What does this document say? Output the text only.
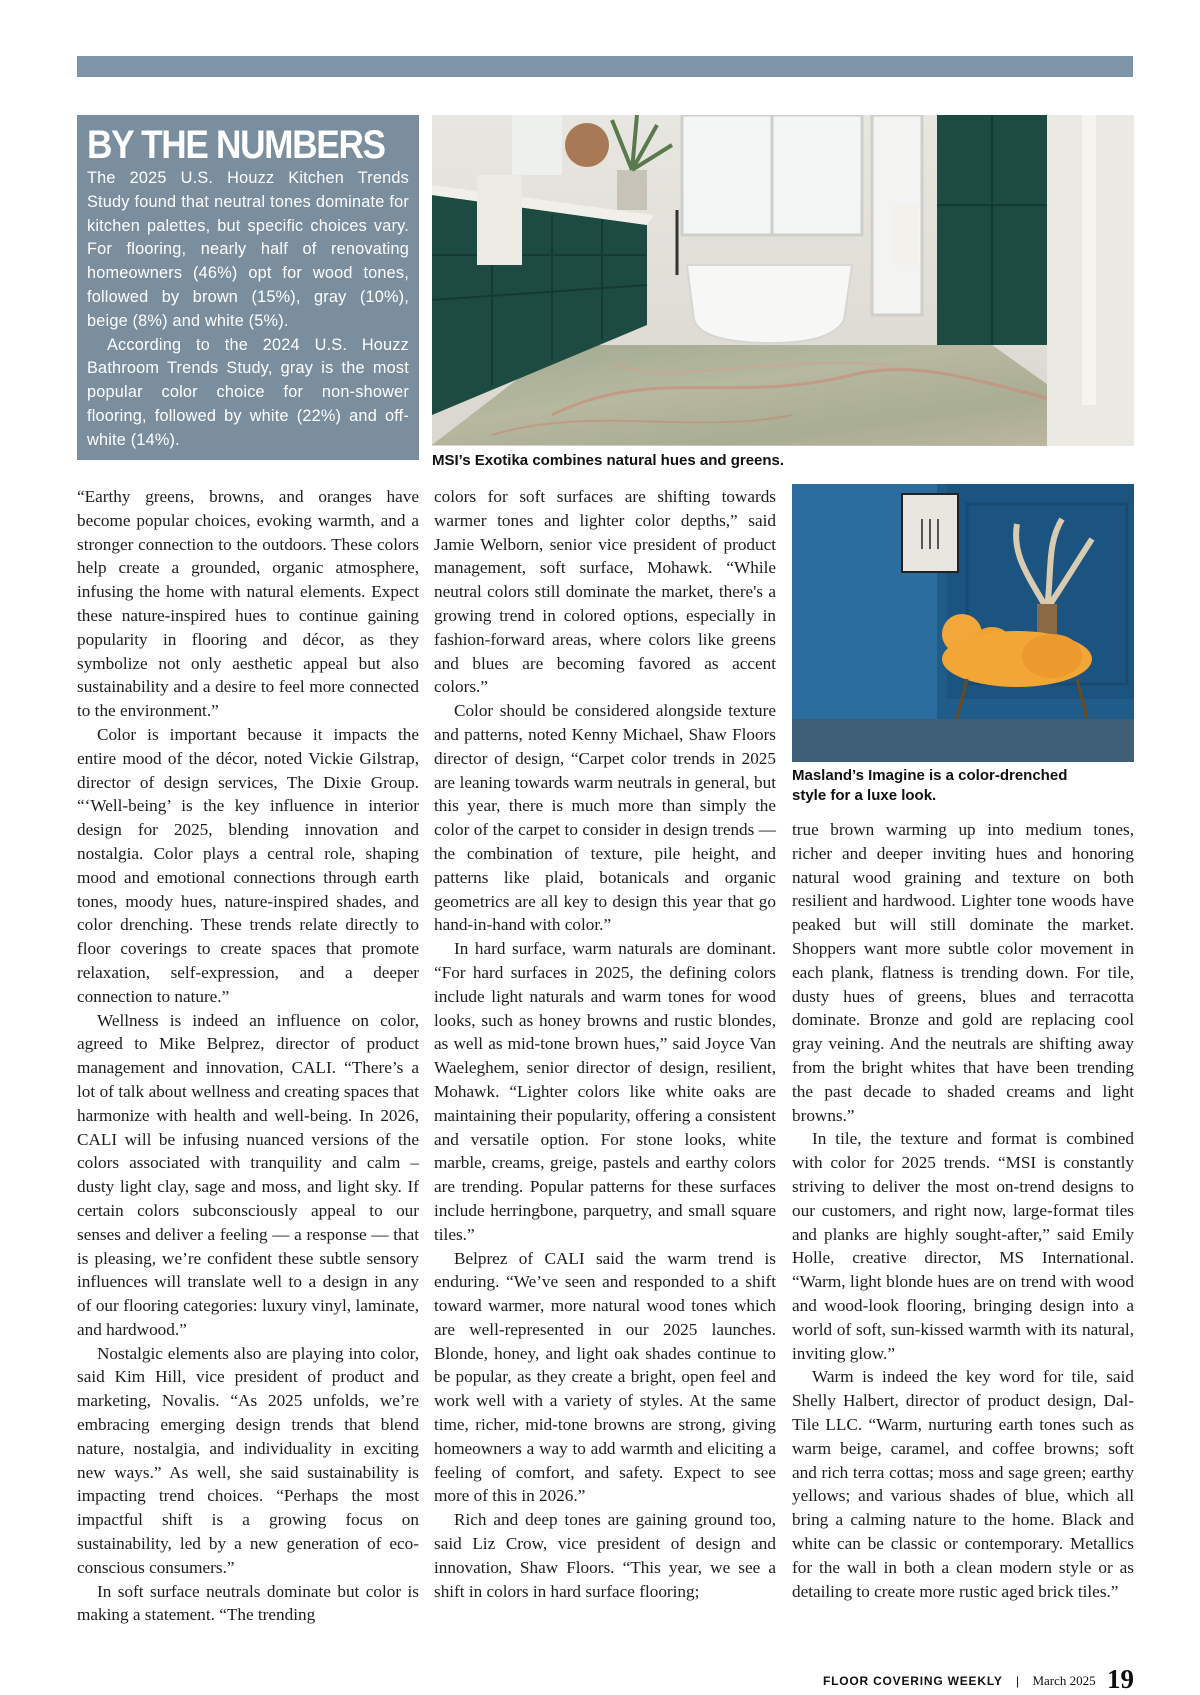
BY THE NUMBERS

The 2025 U.S. Houzz Kitchen Trends Study found that neutral tones dominate for kitchen palettes, but specific choices vary. For flooring, nearly half of renovating homeowners (46%) opt for wood tones, followed by brown (15%), gray (10%), beige (8%) and white (5%).

According to the 2024 U.S. Houzz Bathroom Trends Study, gray is the most popular color choice for non-shower flooring, followed by white (22%) and off-white (14%).

MSI’s Exotika combines natural hues and greens.
Masland’s Imagine is a color-drenched style for a luxe look.

“Earthy greens, browns, and oranges have become popular choices, evoking warmth, and a stronger connection to the outdoors. These colors help create a grounded, organic atmosphere, infusing the home with natural elements. Expect these nature-inspired hues to continue gaining popularity in flooring and décor, as they symbolize not only aesthetic appeal but also sustainability and a desire to feel more connected to the environment.”

Color is important because it impacts the entire mood of the décor, noted Vickie Gilstrap, director of design services, The Dixie Group. “‘Well-being’ is the key influence in interior design for 2025, blending innovation and nostalgia. Color plays a central role, shaping mood and emotional connections through earth tones, moody hues, nature-inspired shades, and color drenching. These trends relate directly to floor coverings to create spaces that promote relaxation, self-expression, and a deeper connection to nature.”

Wellness is indeed an influence on color, agreed to Mike Belprez, director of product management and innovation, CALI. “There’s a lot of talk about wellness and creating spaces that harmonize with health and well-being. In 2026, CALI will be infusing nuanced versions of the colors associated with tranquility and calm – dusty light clay, sage and moss, and light sky. If certain colors subconsciously appeal to our senses and deliver a feeling — a response — that is pleasing, we’re confident these subtle sensory influences will translate well to a design in any of our flooring categories: luxury vinyl, laminate, and hardwood.”

Nostalgic elements also are playing into color, said Kim Hill, vice president of product and marketing, Novalis. “As 2025 unfolds, we’re embracing emerging design trends that blend nature, nostalgia, and individuality in exciting new ways.” As well, she said sustainability is impacting trend choices. “Perhaps the most impactful shift is a growing focus on sustainability, led by a new generation of eco-conscious consumers.”

In soft surface neutrals dominate but color is making a statement. “The trending

colors for soft surfaces are shifting towards warmer tones and lighter color depths,” said Jamie Welborn, senior vice president of product management, soft surface, Mohawk. “While neutral colors still dominate the market, there's a growing trend in colored options, especially in fashion-forward areas, where colors like greens and blues are becoming favored as accent colors.”

Color should be considered alongside texture and patterns, noted Kenny Michael, Shaw Floors director of design, “Carpet color trends in 2025 are leaning towards warm neutrals in general, but this year, there is much more than simply the color of the carpet to consider in design trends — the combination of texture, pile height, and patterns like plaid, botanicals and organic geometrics are all key to design this year that go hand-in-hand with color.”

In hard surface, warm naturals are dominant. “For hard surfaces in 2025, the defining colors include light naturals and warm tones for wood looks, such as honey browns and rustic blondes, as well as mid-tone brown hues,” said Joyce Van Waeleghem, senior director of design, resilient, Mohawk. “Lighter colors like white oaks are maintaining their popularity, offering a consistent and versatile option. For stone looks, white marble, creams, greige, pastels and earthy colors are trending. Popular patterns for these surfaces include herringbone, parquetry, and small square tiles.”

Belprez of CALI said the warm trend is enduring. “We’ve seen and responded to a shift toward warmer, more natural wood tones which are well-represented in our 2025 launches. Blonde, honey, and light oak shades continue to be popular, as they create a bright, open feel and work well with a variety of styles. At the same time, richer, mid-tone browns are strong, giving homeowners a way to add warmth and eliciting a feeling of comfort, and safety. Expect to see more of this in 2026.”

Rich and deep tones are gaining ground too, said Liz Crow, vice president of design and innovation, Shaw Floors. “This year, we see a shift in colors in hard surface flooring;

true brown warming up into medium tones, richer and deeper inviting hues and honoring natural wood graining and texture on both resilient and hardwood. Lighter tone woods have peaked but will still dominate the market. Shoppers want more subtle color movement in each plank, flatness is trending down. For tile, dusty hues of greens, blues and terracotta dominate. Bronze and gold are replacing cool gray veining. And the neutrals are shifting away from the bright whites that have been trending the past decade to shaded creams and light browns.”

In tile, the texture and format is combined with color for 2025 trends. “MSI is constantly striving to deliver the most on-trend designs to our customers, and right now, large-format tiles and planks are highly sought-after,” said Emily Holle, creative director, MS International. “Warm, light blonde hues are on trend with wood and wood-look flooring, bringing design into a world of soft, sun-kissed warmth with its natural, inviting glow.”

Warm is indeed the key word for tile, said Shelly Halbert, director of product design, Dal-Tile LLC. “Warm, nurturing earth tones such as warm beige, caramel, and coffee browns; soft and rich terra cottas; moss and sage green; earthy yellows; and various shades of blue, which all bring a calming nature to the home. Black and white can be classic or contemporary. Metallics for the wall in both a clean modern style or as detailing to create more rustic aged brick tiles.”

FLOOR COVERING WEEKLY | March 2025 19
